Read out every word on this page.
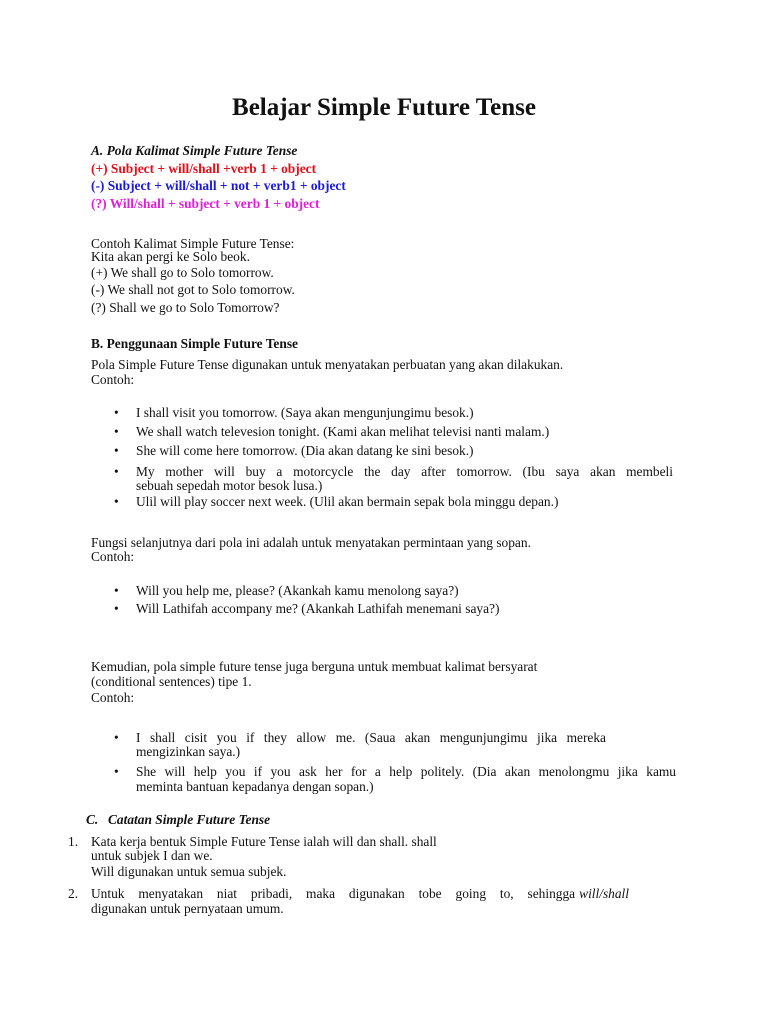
Belajar Simple Future Tense
A. Pola Kalimat Simple Future Tense
(+) Subject + will/shall +verb 1 + object
(-) Subject + will/shall + not + verb1 + object
(?) Will/shall + subject + verb 1 + object
Contoh Kalimat Simple Future Tense:
Kita akan pergi ke Solo beok.
(+) We shall go to Solo tomorrow.
(-) We shall not got to Solo tomorrow.
(?) Shall we go to Solo Tomorrow?
B. Penggunaan Simple Future Tense
Pola Simple Future Tense digunakan untuk menyatakan perbuatan yang akan dilakukan.
Contoh:
• I shall visit you tomorrow. (Saya akan mengunjungimu besok.)
• We shall watch televesion tonight. (Kami akan melihat televisi nanti malam.)
• She will come here tomorrow. (Dia akan datang ke sini besok.)
• My mother will buy a motorcycle the day after tomorrow. (Ibu saya akan membeli
sebuah sepedah motor besok lusa.)
• Ulil will play soccer next week. (Ulil akan bermain sepak bola minggu depan.)
Fungsi selanjutnya dari pola ini adalah untuk menyatakan permintaan yang sopan.
Contoh:
• Will you help me, please? (Akankah kamu menolong saya?)
• Will Lathifah accompany me? (Akankah Lathifah menemani saya?)
Kemudian, pola simple future tense juga berguna untuk membuat kalimat bersyarat
(conditional sentences) tipe 1.
Contoh:
• I shall cisit you if they allow me. (Saua akan mengunjungimu jika mereka
mengizinkan saya.)
• She will help you if you ask her for a help politely. (Dia akan menolongmu jika kamu
meminta bantuan kepadanya dengan sopan.)
C. Catatan Simple Future Tense
1. Kata kerja bentuk Simple Future Tense ialah will dan shall. shall
untuk subjek I dan we.
Will digunakan untuk semua subjek.
2. Untuk menyatakan niat pribadi, maka digunakan tobe going to, sehingga will/shall
digunakan untuk pernyataan umum.
